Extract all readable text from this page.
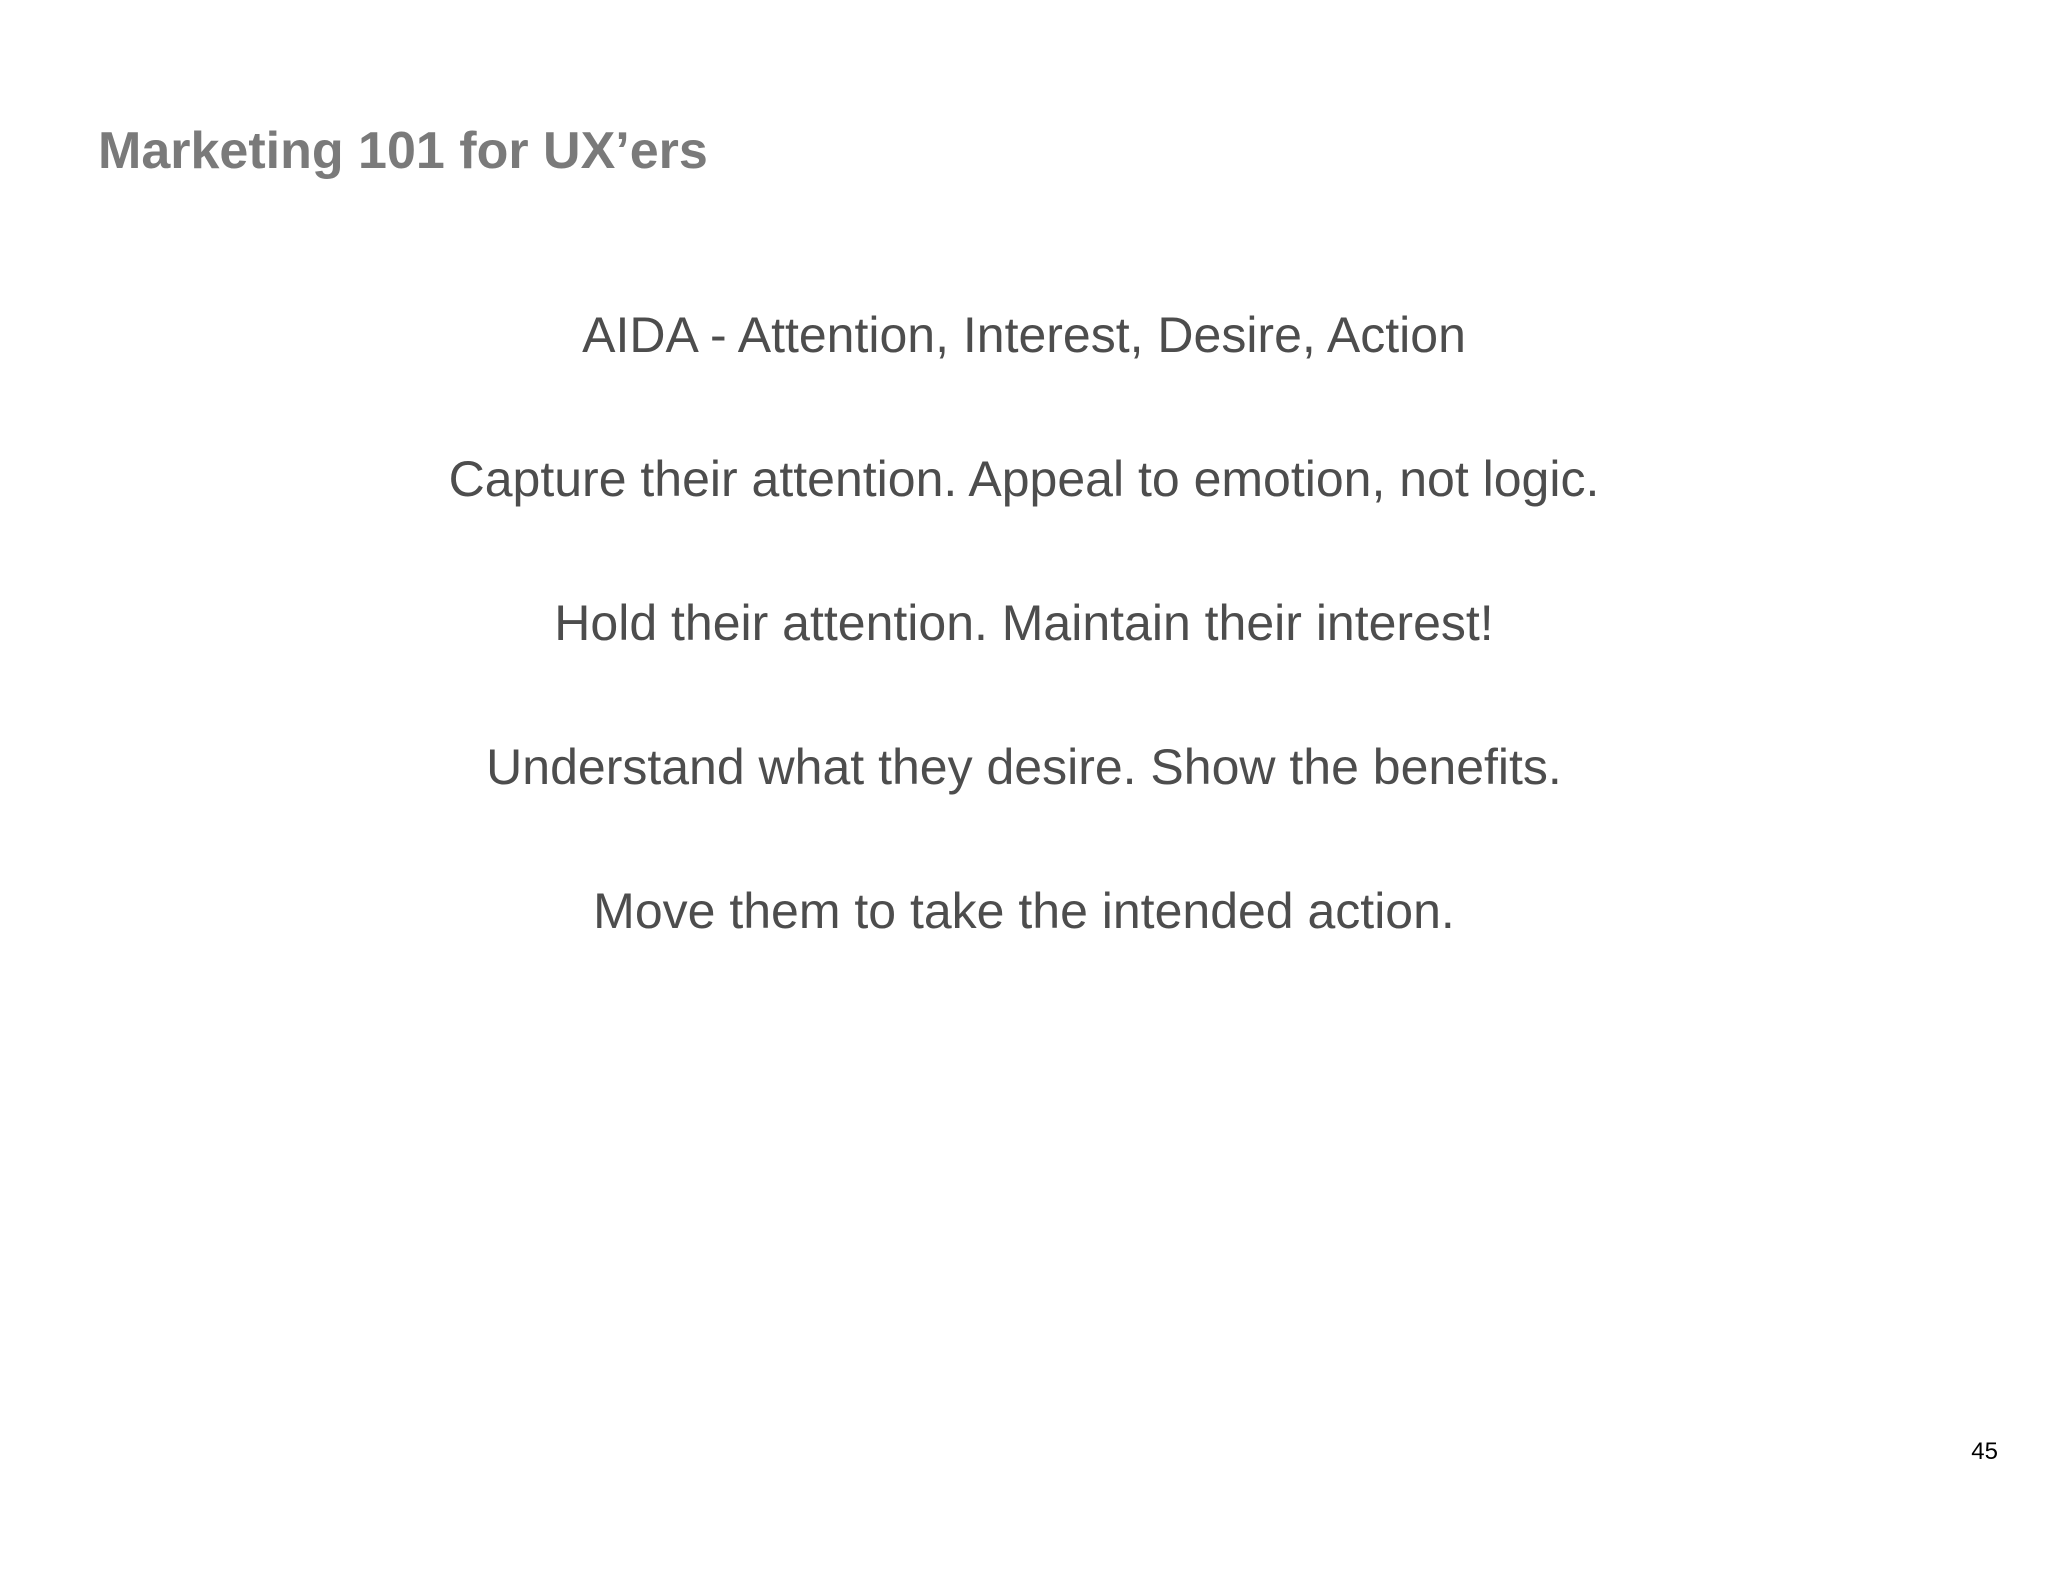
Marketing 101 for UX’ers
AIDA - Attention, Interest, Desire, Action
Capture their attention. Appeal to emotion, not logic.
Hold their attention. Maintain their interest!
Understand what they desire. Show the benefits.
Move them to take the intended action.
45
